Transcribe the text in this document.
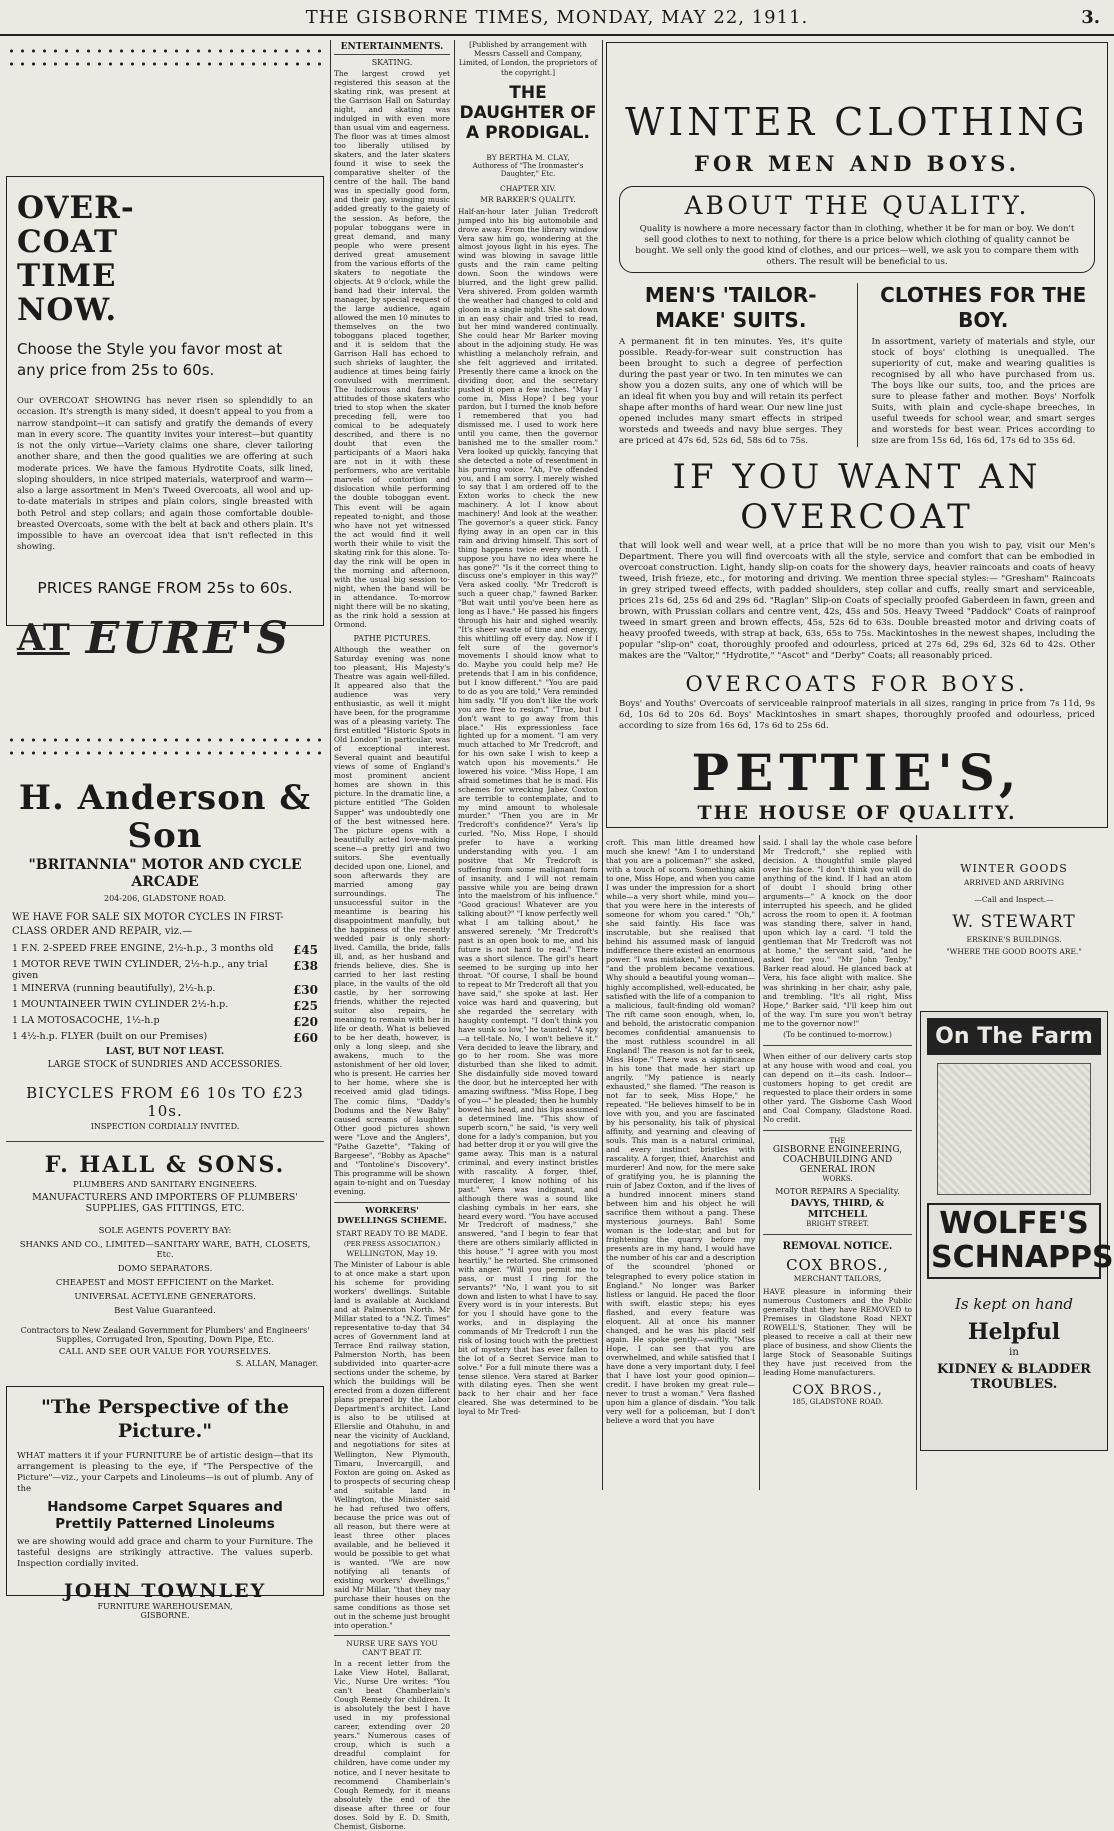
THE GISBORNE TIMES, MONDAY, MAY 22, 1911.	3.
OVER-COAT TIME NOW.
Choose the Style you favor most at any price from 25s to 60s.
Our OVERCOAT SHOWING has never risen so splendidly to an occasion. It's strength is many sided, it doesn't appeal to you from a narrow standpoint—it can satisfy and gratify the demands of every man in every score. The quantity invites your interest—but quantity is not the only virtue—Variety claims one share, clever tailoring another share, and then the good qualities we are offering at such moderate prices. We have the famous Hydrotite Coats, silk lined, sloping shoulders, in nice striped materials, waterproof and warm—also a large assortment in Men's Tweed Overcoats, all wool and up-to-date materials in stripes and plain colors, single breasted with both Petrol and step collars; and again those comfortable double-breasted Overcoats, some with the belt at back and others plain. It's impossible to have an overcoat idea that isn't reflected in this showing.
PRICES RANGE FROM 25s to 60s.
AT EURE'S
H. Anderson & Son
"BRITANNIA" MOTOR AND CYCLE ARCADE
204-206, GLADSTONE ROAD.
WE HAVE FOR SALE SIX MOTOR CYCLES IN FIRST-CLASS ORDER AND REPAIR, viz.—
1 F.N. 2-SPEED FREE ENGINE, 2½-h.p., 3 months old £45
1 MOTOR REVE TWIN CYLINDER, 2½-h.p., any trial given
£38
1 MINERVA (running beautifully), 2½-h.p.	£30
1 MOUNTAINEER TWIN CYLINDER 2½-h.p.	£25
1 LA MOTOSACOCHE, 1½-h.p	£20
1 4½-h.p. FLYER (built on our Premises)	£60
LAST, BUT NOT LEAST.
LARGE STOCK of SUNDRIES AND ACCESSORIES.
BICYCLES FROM £6 10s TO £23 10s.
INSPECTION CORDIALLY INVITED.
F. HALL & SONS.
PLUMBERS AND SANITARY ENGINEERS.
MANUFACTURERS AND IMPORTERS OF PLUMBERS' SUPPLIES, GAS FITTINGS, ETC.
SOLE AGENTS POVERTY BAY:
SHANKS AND CO., LIMITED—SANITARY WARE, BATH, CLOSETS, Etc.
DOMO SEPARATORS.
CHEAPEST and MOST EFFICIENT on the Market.
UNIVERSAL ACETYLENE GENERATORS.
Best Value Guaranteed.
Contractors to New Zealand Government for Plumbers' and Engineers' Supplies, Corrugated Iron, Spouting, Down Pipe, Etc.
CALL AND SEE OUR VALUE FOR YOURSELVES.
S. ALLAN, Manager.
"The Perspective of the Picture."
WHAT matters it if your FURNITURE be of artistic design—that its arrangement is pleasing to the eye, if "The Perspective of the Picture"—viz., your Carpets and Linoleums—is out of plumb. Any of the
Handsome Carpet Squares and Prettily Patterned Linoleums
we are showing would add grace and charm to your Furniture. The tasteful designs are strikingly attractive. The values superb. Inspection cordially invited.
JOHN TOWNLEY
FURNITURE WAREHOUSEMAN,
GISBORNE.
ENTERTAINMENTS.
SKATING.
The largest crowd yet registered this season at the skating rink, was present at the Garrison Hall on Saturday night, and skating was indulged in with even more than usual vim and eagerness. The floor was at times almost too liberally utilised by skaters, and the later skaters found it wise to seek the comparative shelter of the centre of the hall. The band was in specially good form, and their gay, swinging music added greatly to the gaiety of the session. As before, the popular toboggans were in great demand, and many people who were present derived great amusement from the various efforts of the skaters to negotiate the objects. At 9 o'clock, while the band had their interval, the manager, by special request of the large audience, again allowed the men 10 minutes to themselves on the two toboggans placed together, and it is seldom that the Garrison Hall has echoed to such shrieks of laughter, the audience at times being fairly convulsed with merriment. The ludicrous and fantastic attitudes of those skaters who tried to stop when the skater preceding fell, were too comical to be adequately described, and there is no doubt that even the participants of a Maori haka are not in it with these performers, who are veritable marvels of contortion and dislocation while performing the double toboggan event. This event will be again repeated to-night, and those who have not yet witnessed the act would find it well worth their while to visit the skating rink for this alone. To-day the rink will be open in the morning and afternoon, with the usual big session to-night, when the band will be in attendance. To-morrow night there will be no skating, as the rink hold a session at Ormond.
PATHE PICTURES.
Although the weather on Saturday evening was none too pleasant, His Majesty's Theatre was again well-filled. It appeared also that the audience was very enthusiastic, as well it might have been, for the programme was of a pleasing variety. The first entitled "Historic Spots in Old London" in particular, was of exceptional interest. Several quaint and beautiful views of some of England's most prominent ancient homes are shown in this picture. In the dramatic line, a picture entitled "The Golden Supper" was undoubtedly one of the best witnessed here. The picture opens with a beautifully acted love-making scene—a pretty girl and two suitors. She eventually decided upon one, Lionel, and soon afterwards they are married among gay surroundings. The unsuccessful suitor in the meantime is bearing his disappointment manfully, but the happiness of the recently wedded pair is only short-lived. Camilla, the bride, falls ill, and, as her husband and friends believe, dies. She is carried to her last resting place, in the vaults of the old castle, by her sorrowing friends, whither the rejected suitor also repairs, he meaning to remain with her in life or death. What is believed to be her death, however, is only a long sleep, and she awakens, much to the astonishment of her old lover, who is present. He carries her to her home, where she is received amid glad tidings. The comic films, "Daddy's Dodums and the New Baby" caused screams of laughter. Other good pictures shown were "Love and the Anglers", "Pathe Gazette", "Taking of Bargeese", "Bobby as Apache" and "Tontoline's Discovery". This programme will be shown again to-night and on Tuesday evening.
WORKERS' DWELLINGS SCHEME.
START READY TO BE MADE.
(PER PRESS ASSOCIATION.)
WELLINGTON, May 19.
The Minister of Labour is able to at once make a start upon his scheme for providing workers' dwellings. Suitable land is available at Auckland and at Palmerston North. Mr Millar stated to a "N.Z. Times" representative to-day that 34 acres of Government land at Terrace End railway station, Palmerston North, has been subdivided into quarter-acre sections under the scheme, by which the buildings will be erected from a dozen different plans prepared by the Labor Department's architect. Land is also to be utilised at Ellerslie and Otahuhu, in and near the vicinity of Auckland, and negotiations for sites at Wellington, New Plymouth, Timaru, Invercargill, and Foxton are going on. Asked as to prospects of securing cheap and suitable land in Wellington, the Minister said he had refused two offers, because the price was out of all reason, but there were at least three other places available, and he believed it would be possible to get what is wanted. "We are now notifying all tenants of existing workers' dwellings," said Mr Millar, "that they may purchase their houses on the same conditions as those set out in the scheme just brought into operation."
NURSE URE SAYS YOU CAN'T BEAT IT.
In a recent letter from the Lake View Hotel, Ballarat, Vic., Nurse Ure writes: "You can't beat Chamberlain's Cough Remedy for children. It is absolutely the best I have used in my professional career, extending over 20 years." Numerous cases of croup, which is such a dreadful complaint for children, have come under my notice, and I never hesitate to recommend Chamberlain's Cough Remedy, for it means absolutely the end of the disease after three or four doses. Sold by E. D. Smith, Chemist, Gisborne.
[Published by arrangement with Messrs Cassell and Company, Limited, of London, the proprietors of the copyright.]
THE DAUGHTER OF A PRODIGAL.
BY BERTHA M. CLAY,
Authoress of "The Ironmaster's Daughter," Etc.
CHAPTER XIV.
MR BARKER'S QUALITY.
Half-an-hour later Julian Tredcroft jumped into his big automobile and drove away. From the library window Vera saw him go, wondering at the almost joyous light in his eyes. The wind was blowing in savage little gusts and the rain came pelting down. Soon the windows were blurred, and the light grew pallid. Vera shivered. From golden warmth the weather had changed to cold and gloom in a single night. She sat down in an easy chair and tried to read, but her mind wandered continually. She could hear Mr Barker moving about in the adjoining study. He was whistling a melancholy refrain, and she felt aggrieved and irritated. Presently there came a knock on the dividing door, and the secretary pushed it open a few inches. "May I come in, Miss Hope? I beg your pardon, but I turned the knob before I remembered that you had dismissed me. I used to work here until you came, then the governor banished me to the smaller room." Vera looked up quickly, fancying that she detected a note of resentment in his purring voice. "Ah, I've offended you, and I am sorry. I merely wished to say that I am ordered off to the Exton works to check the new machinery. A lot I know about machinery! And look at the weather. The governor's a queer stick. Fancy flying away in an open car in this rain and driving himself. This sort of thing happens twice every month. I suppose you have no idea where he has gone?" "Is it the correct thing to discuss one's employer in this way?" Vera asked coolly. "Mr Tredcroft is such a queer chap," fawned Barker. "But wait until you've been here as long as I have." He passed his fingers through his hair and sighed wearily. "It's sheer waste of time and energy, this whittling off every day. Now if I felt sure of the governor's movements I should know what to do. Maybe you could help me? He pretends that I am in his confidence, but I know different." "You are paid to do as you are told," Vera reminded him sadly. "If you don't like the work you are free to resign." "True, but I don't want to go away from this place." His expressionless face lighted up for a moment. "I am very much attached to Mr Tredcroft, and for his own sake I wish to keep a watch upon his movements." He lowered his voice. "Miss Hope, I am afraid sometimes that he is mad. His schemes for wrecking Jabez Coxton are terrible to contemplate, and to my mind amount to wholesale murder." "Then you are in Mr Tredcroft's confidence?" Vera's lip curled. "No, Miss Hope, I should prefer to have a working understanding with you. I am positive that Mr Tredcroft is suffering from some malignant form of insanity, and I will not remain passive while you are being drawn into the maelstrom of his influence." "Good gracious! Whatever are you talking about?" "I know perfectly well what I am talking about," he answered serenely. "Mr Tredcroft's past is an open book to me, and his future is not hard to read." There was a short silence. The girl's heart seemed to be surging up into her throat. "Of course, I shall be bound to repeat to Mr Tredcroft all that you have said," she spoke at last. Her voice was hard and quavering, but she regarded the secretary with haughty contempt. "I don't think you have sunk so low," he taunted. "A spy—a tell-tale. No, I won't believe it." Vera decided to leave the library, and go to her room. She was more disturbed than she liked to admit. She disdainfully side moved toward the door, but he intercepted her with amazing swiftness. "Miss Hope, I beg of you—" he pleaded; then he humbly bowed his head, and his lips assumed a determined line. "This show of superb scorn," he said, "is very well done for a lady's companion, but you had better drop it or you will give the game away. This man is a natural criminal, and every instinct bristles with rascality. A forger, thief, murderer, I know nothing of his past." Vera was indignant, and although there was a sound like clashing cymbals in her ears, she heard every word. "You have accused Mr Tredcroft of madness," she answered, "and I begin to fear that there are others similarly afflicted in this house." "I agree with you most heartily," he retorted. She crimsoned with anger. "Will you permit me to pass, or must I ring for the servants?" "No, I want you to sit down and listen to what I have to say. Every word is in your interests. But for you I should have gone to the works, and in displaying the commands of Mr Tredcroft I run the risk of losing touch with the prettiest bit of mystery that has ever fallen to the lot of a Secret Service man to solve." For a full minute there was a tense silence. Vera stared at Barker with dilating eyes. Then she went back to her chair and her face cleared. She was determined to be loyal to Mr Tred-
WINTER CLOTHING
FOR MEN AND BOYS.
ABOUT THE QUALITY.
Quality is nowhere a more necessary factor than in clothing, whether it be for man or boy. We don't sell good clothes to next to nothing, for there is a price below which clothing of quality cannot be bought. We sell only the good kind of clothes, and our prices—well, we ask you to compare them with others. The result will be beneficial to us.
MEN'S 'TAILOR-MAKE' SUITS.
A permanent fit in ten minutes. Yes, it's quite possible. Ready-for-wear suit construction has been brought to such a degree of perfection during the past year or two. In ten minutes we can show you a dozen suits, any one of which will be an ideal fit when you buy and will retain its perfect shape after months of hard wear. Our new line just opened includes many smart effects in striped worsteds and tweeds and navy blue serges. They are priced at 47s 6d, 52s 6d, 58s 6d to 75s.
CLOTHES FOR THE BOY.
In assortment, variety of materials and style, our stock of boys' clothing is unequalled. The superiority of cut, make and wearing qualities is recognised by all who have purchased from us. The boys like our suits, too, and the prices are sure to please father and mother. Boys' Norfolk Suits, with plain and cycle-shape breeches, in useful tweeds for school wear, and smart serges and worsteds for best wear. Prices according to size are from 15s 6d, 16s 6d, 17s 6d to 35s 6d.
IF YOU WANT AN OVERCOAT
that will look well and wear well, at a price that will be no more than you wish to pay, visit our Men's Department. There you will find overcoats with all the style, service and comfort that can be embodied in overcoat construction. Light, handy slip-on coats for the showery days, heavier raincoats and coats of heavy tweed, Irish frieze, etc., for motoring and driving. We mention three special styles:— "Gresham" Raincoats in grey striped tweed effects, with padded shoulders, step collar and cuffs, really smart and serviceable, prices 21s 6d, 25s 6d and 29s 6d. "Raglan" Slip-on Coats of specially proofed Gaberdeen in fawn, green and brown, with Prussian collars and centre vent, 42s, 45s and 50s. Heavy Tweed "Paddock" Coats of rainproof tweed in smart green and brown effects, 45s, 52s 6d to 63s. Double breasted motor and driving coats of heavy proofed tweeds, with strap at back, 63s, 65s to 75s. Mackintoshes in the newest shapes, including the popular "slip-on" coat, thoroughly proofed and odourless, priced at 27s 6d, 29s 6d, 32s 6d to 42s. Other makes are the "Valtor," "Hydrotite," "Ascot" and "Derby" Coats; all reasonably priced.
OVERCOATS FOR BOYS.
Boys' and Youths' Overcoats of serviceable rainproof materials in all sizes, ranging in price from 7s 11d, 9s 6d, 10s 6d to 20s 6d. Boys' Mackintoshes in smart shapes, thoroughly proofed and odourless, priced according to size from 16s 6d, 17s 6d to 25s 6d.
PETTIE'S,
THE HOUSE OF QUALITY.
croft. This man little dreamed how much she knew! "Am I to understand that you are a policeman?" she asked, with a touch of scorn. Something akin to one, Miss Hope, and when you came I was under the impression for a short while—a very short while, mind you—that you were here in the interests of someone for whom you cared." "Oh," she said faintly. His face was inscrutable, but she realised that behind his assumed mask of languid indifference there existed an enormous power. "I was mistaken," he continued, "and the problem became vexatious. Why should a beautiful young woman—highly accomplished, well-educated, be satisfied with the life of a companion to a malicious, fault-finding old woman? The rift came soon enough, when, lo, and behold, the aristocratic companion becomes confidential amanuensis to the most ruthless scoundrel in all England! The reason is not far to seek, Miss Hope." There was a significance in his tone that made her start up angrily. "My patience is nearly exhausted," she flamed. "The reason is not far to seek, Miss Hope," he repeated. "He believes himself to be in love with you, and you are fascinated by his personality, his talk of physical affinity, and yearning and cleaving of souls. This man is a natural criminal, and every instinct bristles with rascality. A forger, thief, Anarchist and murderer! And now, for the mere sake of gratifying you, he is planning the ruin of Jabez Coxton, and if the lives of a hundred innocent miners stand between him and his object he will sacrifice them without a pang. These mysterious journeys. Bah! Some woman is the lode-star, and but for frightening the quarry before my presents are in my hand, I would have the number of his car and a description of the scoundrel 'phoned or telegraphed to every police station in England." No longer was Barker listless or languid. He paced the floor with swift, elastic steps; his eyes flashed, and every feature was eloquent. All at once his manner changed, and he was his placid self again. He spoke gently—swiftly. "Miss Hope, I can see that you are overwhelmed, and while satisfied that I have done a very important duty, I feel that I have lost your good opinion—credit. I have broken my great rule—never to trust a woman." Vera flashed upon him a glance of disdain. "You talk very well for a policeman, but I don't believe a word that you have
said. I shall lay the whole case before Mr Tredcroft," she replied with decision. A thoughtful smile played over his face. "I don't think you will do anything of the kind. If I had an atom of doubt I should bring other arguments—" A knock on the door interrupted his speech, and he glided across the room to open it. A footman was standing there, salver in hand, upon which lay a card. "I told the gentleman that Mr Tredcroft was not at home," the servant said, "and he asked for you." "Mr John Tenby," Barker read aloud. He glanced back at Vera, his face alight with malice. She was shrinking in her chair, ashy pale, and trembling. "It's all right, Miss Hope," Barker said, "I'll keep him out of the way. I'm sure you won't betray me to the governor now!"
(To be continued to-morrow.)
When either of our delivery carts stop at any house with wood and coal, you can depend on it—its cash. Indoor—customers hoping to get credit are requested to place their orders in some other yard. The Gisborne Cash Wood and Coal Company, Gladstone Road. No credit.
THE
GISBORNE ENGINEERING,
COACHBUILDING AND
GENERAL IRON
WORKS.
MOTOR REPAIRS A Speciality.
DAVYS, THIRD, & MITCHELL
BRIGHT STREET.
REMOVAL NOTICE.
COX BROS.,
MERCHANT TAILORS,
HAVE pleasure in informing their numerous Customers and the Public generally that they have REMOVED to Premises in Gladstone Road NEXT ROWELL'S, Stationer. They will be pleased to receive a call at their new place of business, and show Clients the large Stock of Seasonable Suitings they have just received from the leading Home manufacturers.
COX BROS.,
185, GLADSTONE ROAD.
WINTER GOODS
ARRIVED AND ARRIVING
—Call and Inspect.—
W. STEWART
ERSKINE'S BUILDINGS.
"WHERE THE GOOD BOOTS ARE."
On The Farm
WOLFE'S SCHNAPPS
Is kept on hand
Helpful
in
KIDNEY & BLADDER TROUBLES.
